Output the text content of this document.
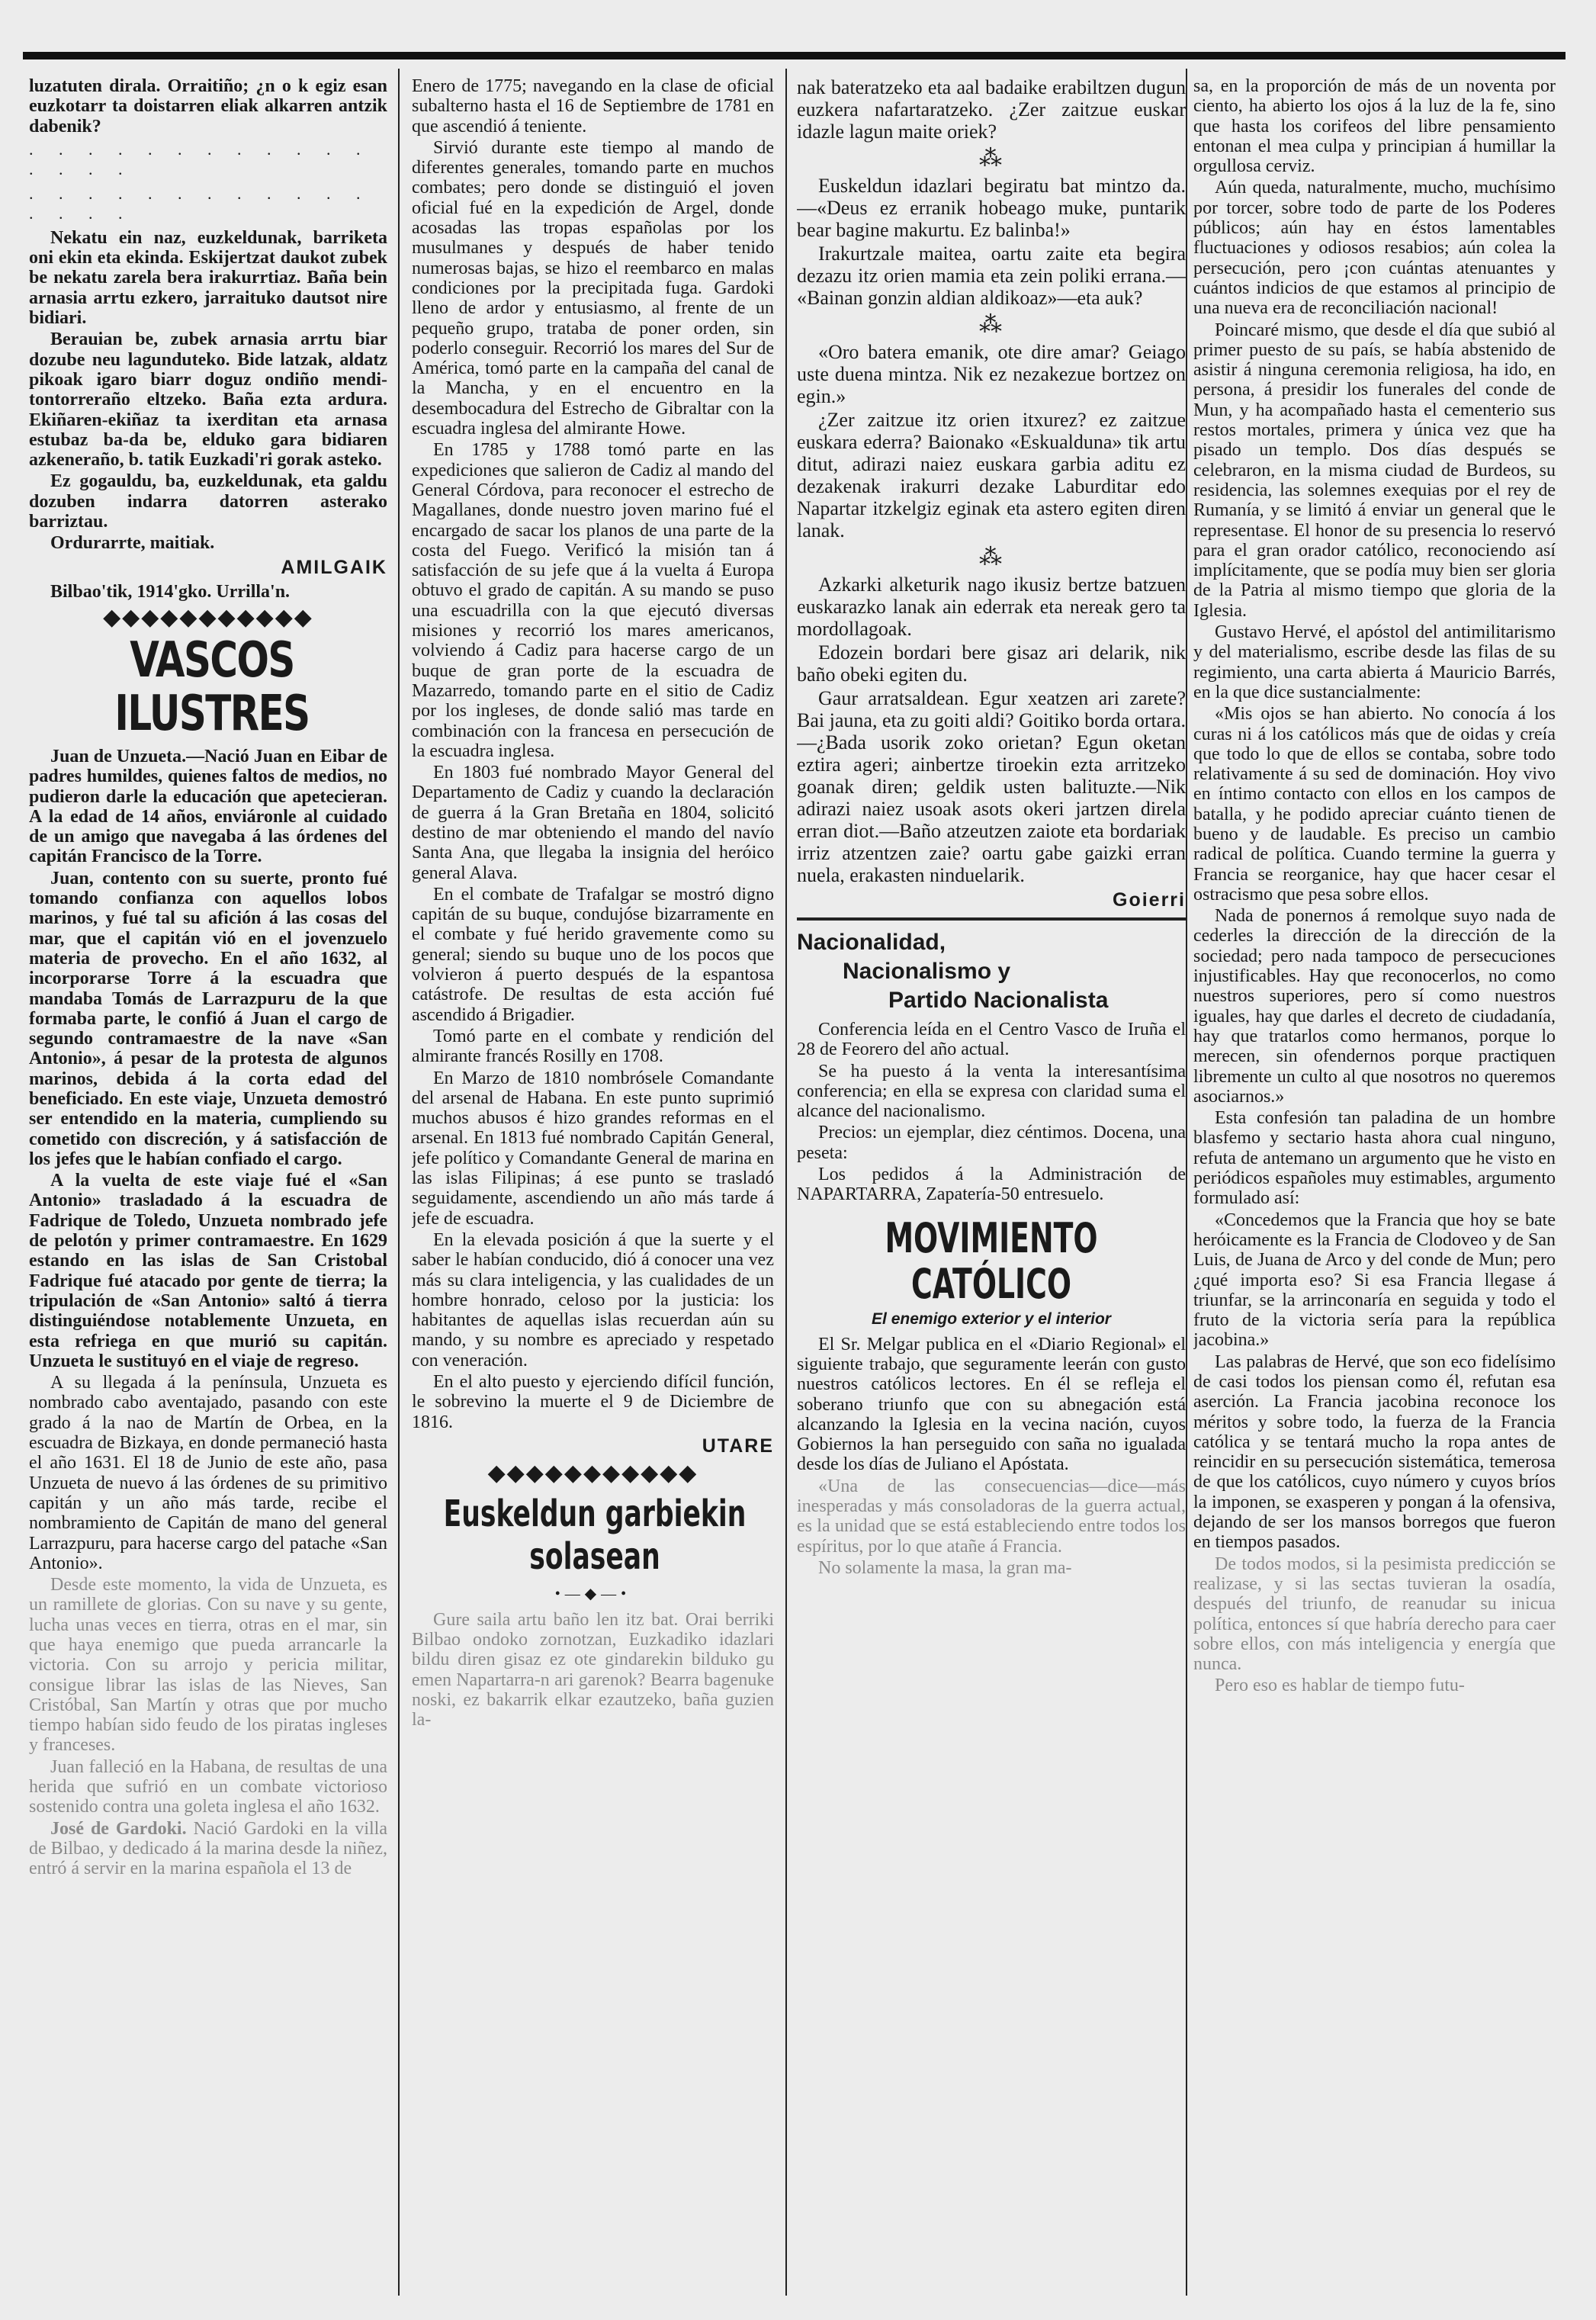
luzatuten dirala. Orraitiño; ¿n o k egiz esan euzkotarr ta doistarren eliak alkarren antzik dabenik?

. . . . . . . . . . . . . . . .
. . . . . . . . . . . . . . . .

Nekatu ein naz, euzkeldunak, barriketa oni ekin eta ekinda. Eskijertzat daukot zubek be nekatu zarela bera irakurrtiaz. Baña bein arnasia arrtu ezkero, jarraituko dautsot nire bidiari.

Berauian be, zubek arnasia arrtu biar dozube neu lagunduteko. Bide latzak, aldatz pikoak igaro biarr doguz ondiño mendi-tontorreraño eltzeko. Baña ezta ardura. Ekiñaren-ekiñaz ta ixerditan eta arnasa estubaz ba-da be, elduko gara bidiaren azkeneraño, b. tatik Euzkadi'ri gorak asteko.

Ez gogauldu, ba, euzkeldunak, eta galdu dozuben indarra datorren asterako barriztau.

Ordurarrte, maitiak.

AMILGAIK

Bilbao'tik, 1914'gko. Urrilla'n.

◆◆◆◆◆◆◆◆◆◆◆
VASCOS ILUSTRES

Juan de Unzueta.—Nació Juan en Eibar de padres humildes, quienes faltos de medios, no pudieron darle la educación que apetecieran. A la edad de 14 años, enviáronle al cuidado de un amigo que navegaba á las órdenes del capitán Francisco de la Torre.

Juan, contento con su suerte, pronto fué tomando confianza con aquellos lobos marinos, y fué tal su afición á las cosas del mar, que el capitán vió en el jovenzuelo materia de provecho. En el año 1632, al incorporarse Torre á la escuadra que mandaba Tomás de Larrazpuru de la que formaba parte, le confió á Juan el cargo de segundo contramaestre de la nave «San Antonio», á pesar de la protesta de algunos marinos, debida á la corta edad del beneficiado. En este viaje, Unzueta demostró ser entendido en la materia, cumpliendo su cometido con discreción, y á satisfacción de los jefes que le habían confiado el cargo.

A la vuelta de este viaje fué el «San Antonio» trasladado á la escuadra de Fadrique de Toledo, Unzueta nombrado jefe de pelotón y primer contramaestre. En 1629 estando en las islas de San Cristobal Fadrique fué atacado por gente de tierra; la tripulación de «San Antonio» saltó á tierra distinguiéndose notablemente Unzueta, en esta refriega en que murió su capitán. Unzueta le sustituyó en el viaje de regreso.

A su llegada á la península, Unzueta es nombrado cabo aventajado, pasando con este grado á la nao de Martín de Orbea, en la escuadra de Bizkaya, en donde permaneció hasta el año 1631. El 18 de Junio de este año, pasa Unzueta de nuevo á las órdenes de su primitivo capitán y un año más tarde, recibe el nombramiento de Capitán de mano del general Larrazpuru, para hacerse cargo del patache «San Antonio».

Desde este momento, la vida de Unzueta, es un ramillete de glorias. Con su nave y su gente, lucha unas veces en tierra, otras en el mar, sin que haya enemigo que pueda arrancarle la victoria. Con su arrojo y pericia militar, consigue librar las islas de las Nieves, San Cristóbal, San Martín y otras que por mucho tiempo habían sido feudo de los piratas ingleses y franceses.

Juan falleció en la Habana, de resultas de una herida que sufrió en un combate victorioso sostenido contra una goleta inglesa el año 1632.

José de Gardoki. Nació Gardoki en la villa de Bilbao, y dedicado á la marina desde la niñez, entró á servir en la marina española el 13 de

Enero de 1775; navegando en la clase de oficial subalterno hasta el 16 de Septiembre de 1781 en que ascendió á teniente.

Sirvió durante este tiempo al mando de diferentes generales, tomando parte en muchos combates; pero donde se distinguió el joven oficial fué en la expedición de Argel, donde acosadas las tropas españolas por los musulmanes y después de haber tenido numerosas bajas, se hizo el reembarco en malas condiciones por la precipitada fuga. Gardoki lleno de ardor y entusiasmo, al frente de un pequeño grupo, trataba de poner orden, sin poderlo conseguir. Recorrió los mares del Sur de América, tomó parte en la campaña del canal de la Mancha, y en el encuentro en la desembocadura del Estrecho de Gibraltar con la escuadra inglesa del almirante Howe.

En 1785 y 1788 tomó parte en las expediciones que salieron de Cadiz al mando del General Córdova, para reconocer el estrecho de Magallanes, donde nuestro joven marino fué el encargado de sacar los planos de una parte de la costa del Fuego. Verificó la misión tan á satisfacción de su jefe que á la vuelta á Europa obtuvo el grado de capitán. A su mando se puso una escuadrilla con la que ejecutó diversas misiones y recorrió los mares americanos, volviendo á Cadiz para hacerse cargo de un buque de gran porte de la escuadra de Mazarredo, tomando parte en el sitio de Cadiz por los ingleses, de donde salió mas tarde en combinación con la francesa en persecución de la escuadra inglesa.

En 1803 fué nombrado Mayor General del Departamento de Cadiz y cuando la declaración de guerra á la Gran Bretaña en 1804, solicitó destino de mar obteniendo el mando del navío Santa Ana, que llegaba la insignia del heróico general Alava.

En el combate de Trafalgar se mostró digno capitán de su buque, condujóse bizarramente en el combate y fué herido gravemente como su general; siendo su buque uno de los pocos que volvieron á puerto después de la espantosa catástrofe. De resultas de esta acción fué ascendido á Brigadier.

Tomó parte en el combate y rendición del almirante francés Rosilly en 1708.

En Marzo de 1810 nombrósele Comandante del arsenal de Habana. En este punto suprimió muchos abusos é hizo grandes reformas en el arsenal. En 1813 fué nombrado Capitán General, jefe político y Comandante General de marina en las islas Filipinas; á ese punto se trasladó seguidamente, ascendiendo un año más tarde á jefe de escuadra.

En la elevada posición á que la suerte y el saber le habían conducido, dió á conocer una vez más su clara inteligencia, y las cualidades de un hombre honrado, celoso por la justicia: los habitantes de aquellas islas recuerdan aún su mando, y su nombre es apreciado y respetado con veneración.

En el alto puesto y ejerciendo difícil función, le sobrevino la muerte el 9 de Diciembre de 1816.

UTARE
◆◆◆◆◆◆◆◆◆◆◆
Euskeldun garbiekin solasean
•—◆—•

Gure saila artu baño len itz bat. Orai berriki Bilbao ondoko zornotzan, Euzkadiko idazlari bildu diren gisaz ez ote gindarekin bilduko gu emen Napartarra-n ari garenok? Bearra bagenuke noski, ez bakarrik elkar ezautzeko, baña guzien la-

nak bateratzeko eta aal badaike erabiltzen dugun euzkera nafartaratzeko. ¿Zer zaitzue euskar idazle lagun maite oriek?

⁂

Euskeldun idazlari begiratu bat mintzo da.—«Deus ez erranik hobeago muke, puntarik bear bagine makurtu. Ez balinba!»

Irakurtzale maitea, oartu zaite eta begira dezazu itz orien mamia eta zein poliki errana.— «Bainan gonzin aldian aldikoaz»—eta auk?

⁂

«Oro batera emanik, ote dire amar? Geiago uste duena mintza. Nik ez nezakezue bortzez on egin.»

¿Zer zaitzue itz orien itxurez? ez zaitzue euskara ederra? Baionako «Eskualduna» tik artu ditut, adirazi naiez euskara garbia aditu ez dezakenak irakurri dezake Laburditar edo Napartar itzkelgiz eginak eta astero egiten diren lanak.

⁂

Azkarki alketurik nago ikusiz bertze batzuen euskarazko lanak ain ederrak eta nereak gero ta mordollagoak.

Edozein bordari bere gisaz ari delarik, nik baño obeki egiten du.

Gaur arratsaldean. Egur xeatzen ari zarete? Bai jauna, eta zu goiti aldi? Goitiko borda ortara.—¿Bada usorik zoko orietan? Egun oketan eztira ageri; ainbertze tiroekin ezta arritzeko goanak diren; geldik usten balituzte.—Nik adirazi naiez usoak asots okeri jartzen direla erran diot.—Baño atzeutzen zaiote eta bordariak irriz atzentzen zaie? oartu gabe gaizki erran nuela, erakasten ninduelarik.

Goierri
Nacionalidad,
Nacionalismo y
Partido Nacionalista

Conferencia leída en el Centro Vasco de Iruña el 28 de Feorero del año actual.

Se ha puesto á la venta la interesantísima conferencia; en ella se expresa con claridad suma el alcance del nacionalismo.

Precios: un ejemplar, diez céntimos. Docena, una peseta:

Los pedidos á la Administración de NAPARTARRA, Zapatería-50 entresuelo.

MOVIMIENTO CATÓLICO
El enemigo exterior y el interior

El Sr. Melgar publica en el «Diario Regional» el siguiente trabajo, que seguramente leerán con gusto nuestros católicos lectores. En él se refleja el soberano triunfo que con su abnegación está alcanzando la Iglesia en la vecina nación, cuyos Gobiernos la han perseguido con saña no igualada desde los días de Juliano el Apóstata.

«Una de las consecuencias—dice—más inesperadas y más consoladoras de la guerra actual, es la unidad que se está estableciendo entre todos los espíritus, por lo que atañe á Francia.

No solamente la masa, la gran ma-

sa, en la proporción de más de un noventa por ciento, ha abierto los ojos á la luz de la fe, sino que hasta los corifeos del libre pensamiento entonan el mea culpa y principian á humillar la orgullosa cerviz.

Aún queda, naturalmente, mucho, muchísimo por torcer, sobre todo de parte de los Poderes públicos; aún hay en éstos lamentables fluctuaciones y odiosos resabios; aún colea la persecución, pero ¡con cuántas atenuantes y cuántos indicios de que estamos al principio de una nueva era de reconciliación nacional!

Poincaré mismo, que desde el día que subió al primer puesto de su país, se había abstenido de asistir á ninguna ceremonia religiosa, ha ido, en persona, á presidir los funerales del conde de Mun, y ha acompañado hasta el cementerio sus restos mortales, primera y única vez que ha pisado un templo. Dos días después se celebraron, en la misma ciudad de Burdeos, su residencia, las solemnes exequias por el rey de Rumanía, y se limitó á enviar un general que le representase. El honor de su presencia lo reservó para el gran orador católico, reconociendo así implícitamente, que se podía muy bien ser gloria de la Patria al mismo tiempo que gloria de la Iglesia.

Gustavo Hervé, el apóstol del antimilitarismo y del materialismo, escribe desde las filas de su regimiento, una carta abierta á Mauricio Barrés, en la que dice sustancialmente:

«Mis ojos se han abierto. No conocía á los curas ni á los católicos más que de oidas y creía que todo lo que de ellos se contaba, sobre todo relativamente á su sed de dominación. Hoy vivo en íntimo contacto con ellos en los campos de batalla, y he podido apreciar cuánto tienen de bueno y de laudable. Es preciso un cambio radical de política. Cuando termine la guerra y Francia se reorganice, hay que hacer cesar el ostracismo que pesa sobre ellos.

Nada de ponernos á remolque suyo nada de cederles la dirección de la dirección de la sociedad; pero nada tampoco de persecuciones injustificables. Hay que reconocerlos, no como nuestros superiores, pero sí como nuestros iguales, hay que darles el decreto de ciudadanía, hay que tratarlos como hermanos, porque lo merecen, sin ofendernos porque practiquen libremente un culto al que nosotros no queremos asociarnos.»

Esta confesión tan paladina de un hombre blasfemo y sectario hasta ahora cual ninguno, refuta de antemano un argumento que he visto en periódicos españoles muy estimables, argumento formulado así:

«Concedemos que la Francia que hoy se bate heróicamente es la Francia de Clodoveo y de San Luis, de Juana de Arco y del conde de Mun; pero ¿qué importa eso? Si esa Francia llegase á triunfar, se la arrinconaría en seguida y todo el fruto de la victoria sería para la república jacobina.»

Las palabras de Hervé, que son eco fidelísimo de casi todos los piensan como él, refutan esa aserción. La Francia jacobina reconoce los méritos y sobre todo, la fuerza de la Francia católica y se tentará mucho la ropa antes de reincidir en su persecución sistemática, temerosa de que los católicos, cuyo número y cuyos bríos la imponen, se exasperen y pongan á la ofensiva, dejando de ser los mansos borregos que fueron en tiempos pasados.

De todos modos, si la pesimista predicción se realizase, y si las sectas tuvieran la osadía, después del triunfo, de reanudar su inicua política, entonces sí que habría derecho para caer sobre ellos, con más inteligencia y energía que nunca.

Pero eso es hablar de tiempo futu-
